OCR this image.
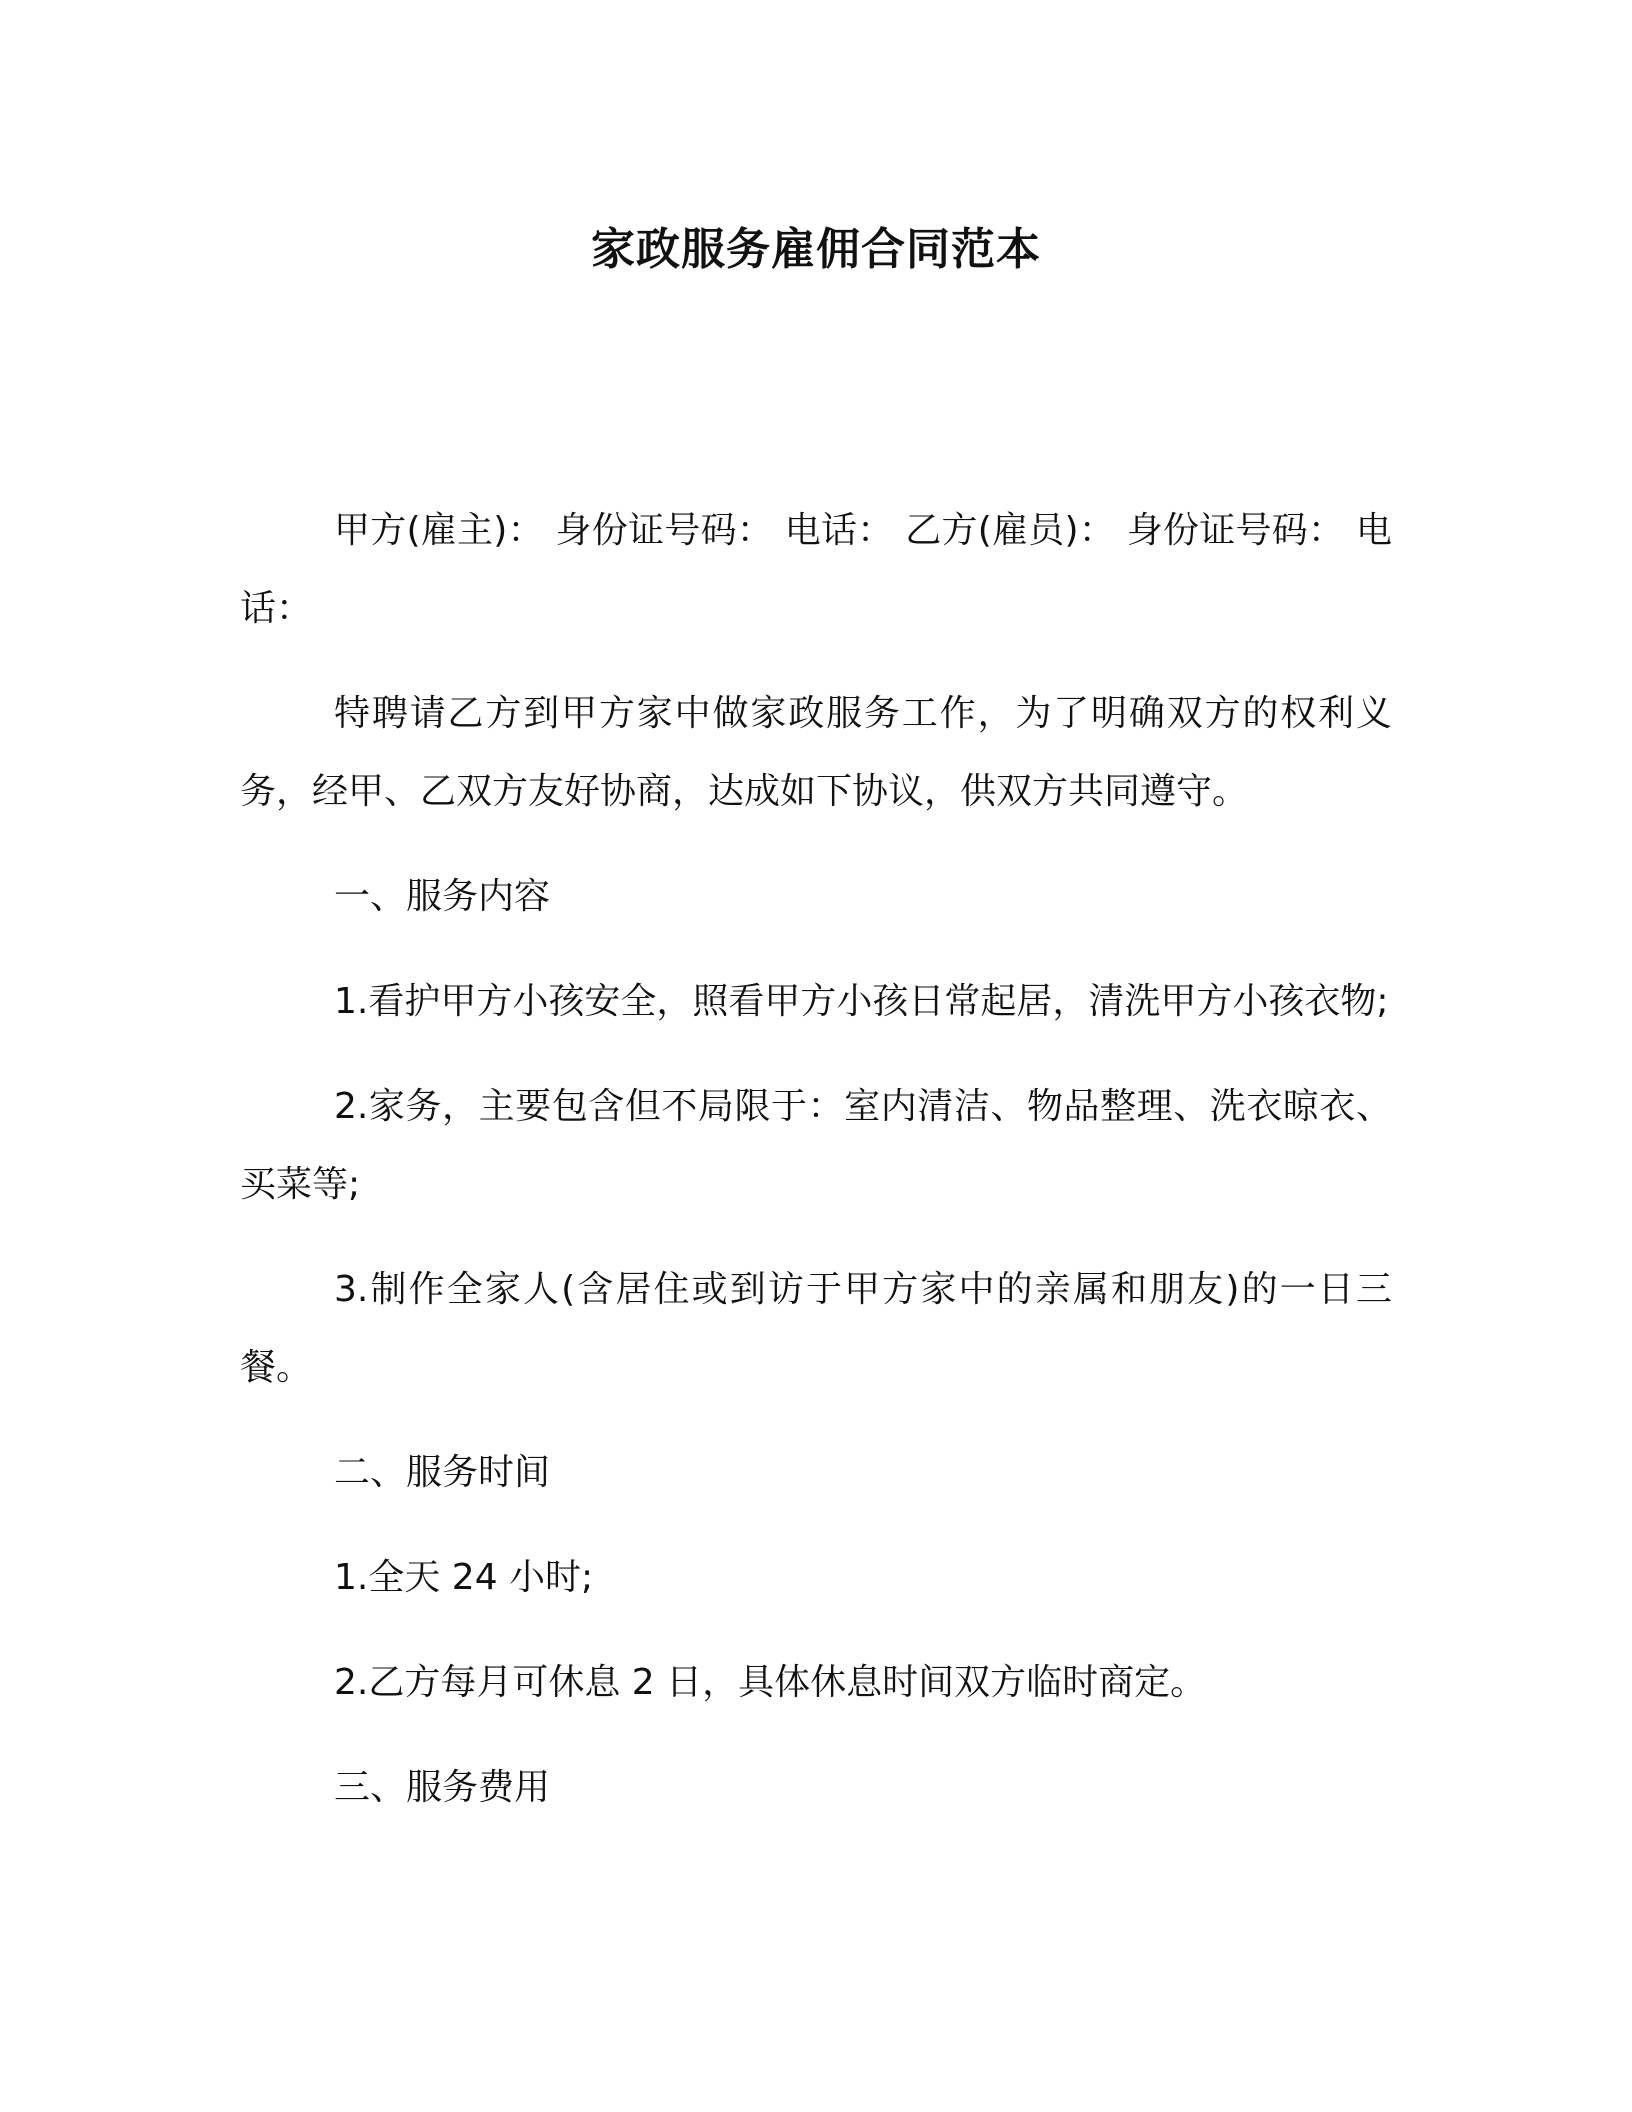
家政服务雇佣合同范本

甲方(雇主)： 身份证号码： 电话： 乙方(雇员)： 身份证号码： 电话：

特聘请乙方到甲方家中做家政服务工作，为了明确双方的权利义务，经甲、乙双方友好协商，达成如下协议，供双方共同遵守。

一、服务内容

1.看护甲方小孩安全，照看甲方小孩日常起居，清洗甲方小孩衣物;

2.家务，主要包含但不局限于：室内清洁、物品整理、洗衣晾衣、买菜等;

3.制作全家人(含居住或到访于甲方家中的亲属和朋友)的一日三餐。

二、服务时间

1.全天 24 小时;

2.乙方每月可休息 2 日，具体休息时间双方临时商定。

三、服务费用
